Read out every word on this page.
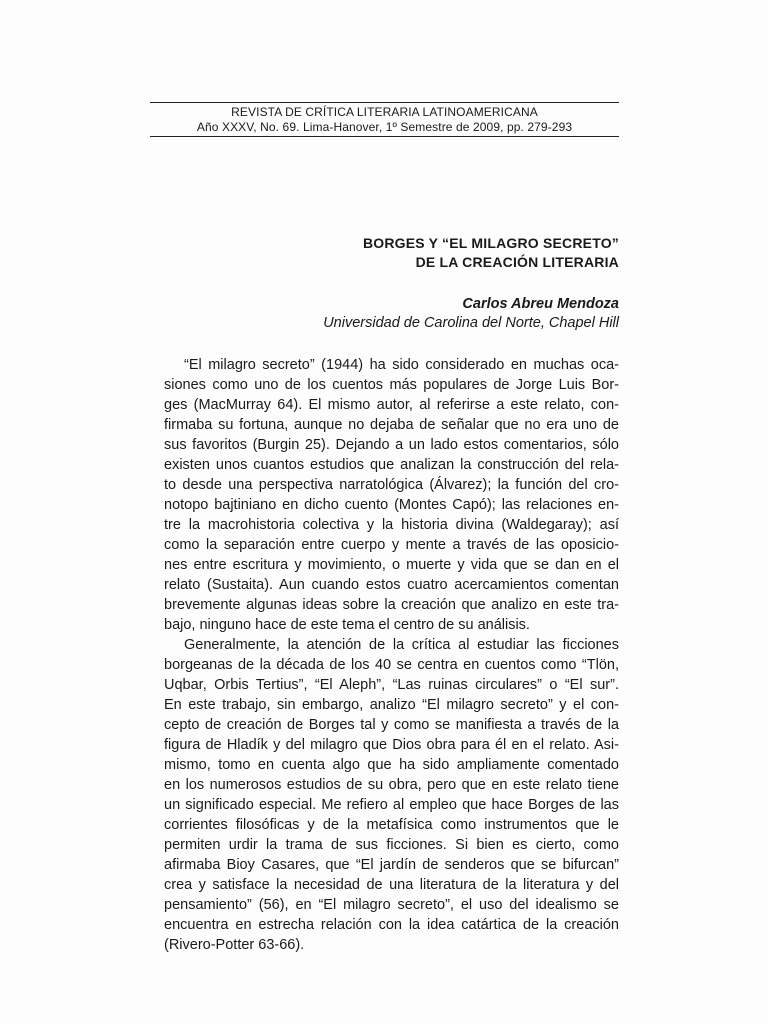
REVISTA DE CRÍTICA LITERARIA LATINOAMERICANA
Año XXXV, No. 69. Lima-Hanover, 1º Semestre de 2009, pp. 279-293
BORGES Y “EL MILAGRO SECRETO”
DE LA CREACIÓN LITERARIA
Carlos Abreu Mendoza
Universidad de Carolina del Norte, Chapel Hill
“El milagro secreto” (1944) ha sido considerado en muchas oca-
siones como uno de los cuentos más populares de Jorge Luis Bor-
ges (MacMurray 64). El mismo autor, al referirse a este relato, con-
firmaba su fortuna, aunque no dejaba de señalar que no era uno de
sus favoritos (Burgin 25). Dejando a un lado estos comentarios, sólo
existen unos cuantos estudios que analizan la construcción del rela-
to desde una perspectiva narratológica (Álvarez); la función del cro-
notopo bajtiniano en dicho cuento (Montes Capó); las relaciones en-
tre la macrohistoria colectiva y la historia divina (Waldegaray); así
como la separación entre cuerpo y mente a través de las oposicio-
nes entre escritura y movimiento, o muerte y vida que se dan en el
relato (Sustaita). Aun cuando estos cuatro acercamientos comentan
brevemente algunas ideas sobre la creación que analizo en este tra-
bajo, ninguno hace de este tema el centro de su análisis.
Generalmente, la atención de la crítica al estudiar las ficciones
borgeanas de la década de los 40 se centra en cuentos como “Tlön,
Uqbar, Orbis Tertius”, “El Aleph”, “Las ruinas circulares” o “El sur”.
En este trabajo, sin embargo, analizo “El milagro secreto” y el con-
cepto de creación de Borges tal y como se manifiesta a través de la
figura de Hladík y del milagro que Dios obra para él en el relato. Asi-
mismo, tomo en cuenta algo que ha sido ampliamente comentado
en los numerosos estudios de su obra, pero que en este relato tiene
un significado especial. Me refiero al empleo que hace Borges de las
corrientes filosóficas y de la metafísica como instrumentos que le
permiten urdir la trama de sus ficciones. Si bien es cierto, como
afirmaba Bioy Casares, que “El jardín de senderos que se bifurcan”
crea y satisface la necesidad de una literatura de la literatura y del
pensamiento” (56), en “El milagro secreto”, el uso del idealismo se
encuentra en estrecha relación con la idea catártica de la creación
(Rivero-Potter 63-66).
